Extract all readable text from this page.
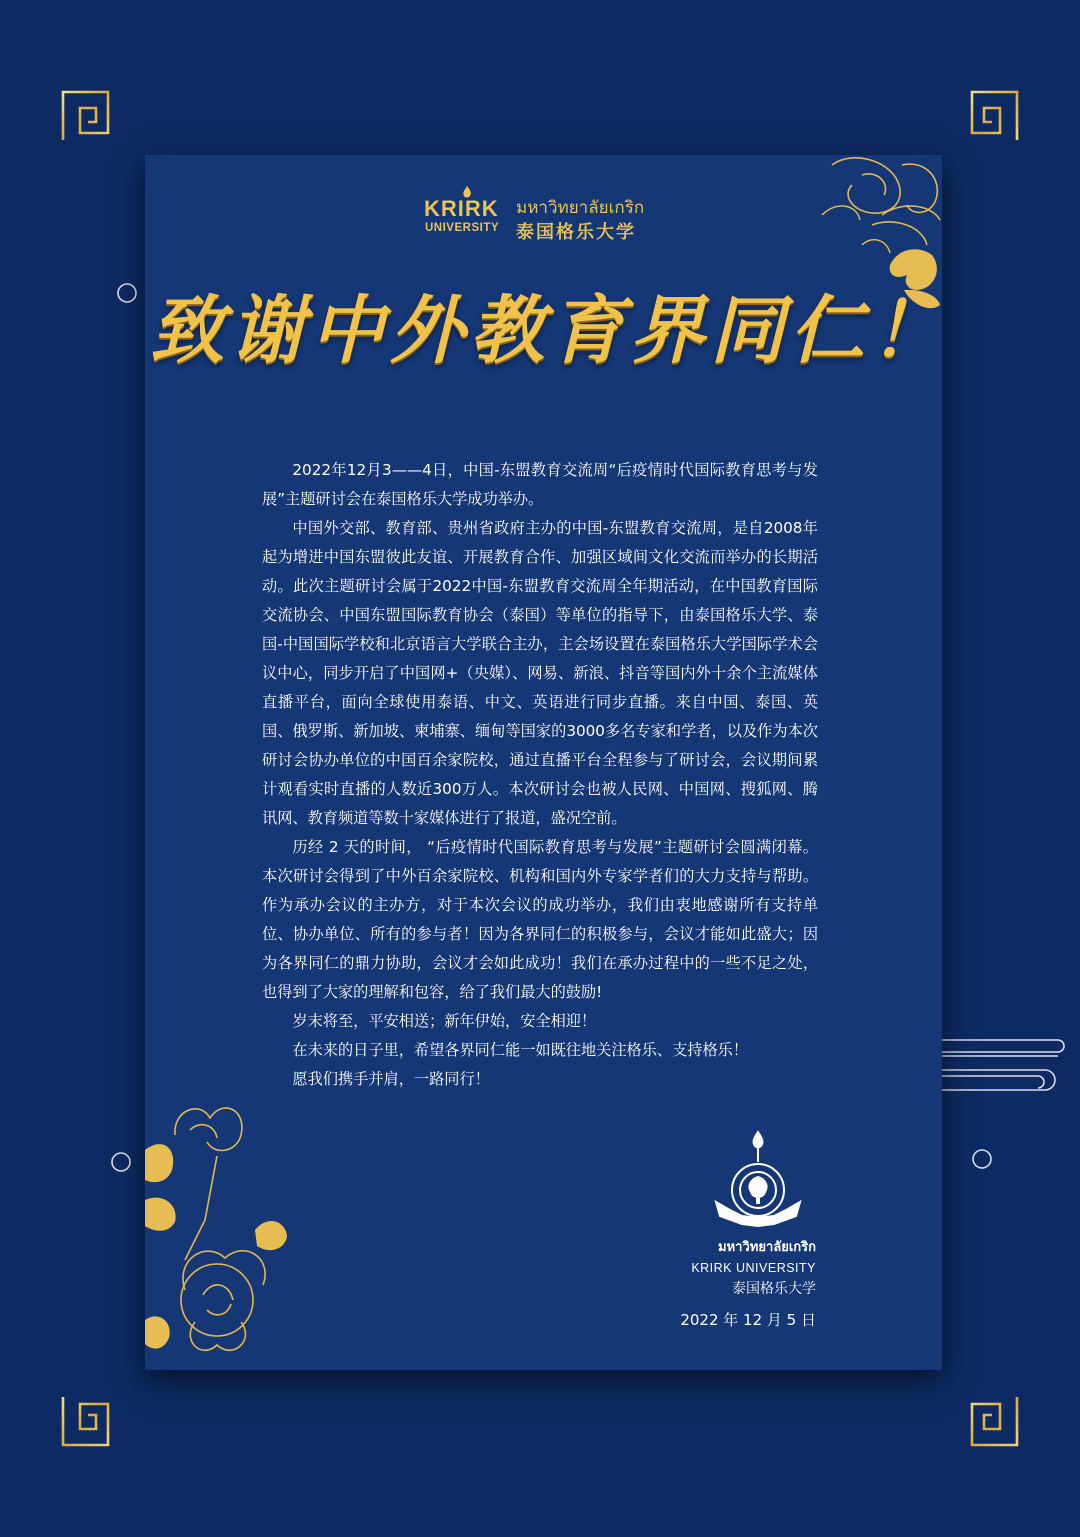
KRIRK
UNIVERSITY
มหาวิทยาลัยเกริก
泰国格乐大学
致谢中外教育界同仁！

2022年12月3——4日，中国-东盟教育交流周“后疫情时代国际教育思考与发展”主题研讨会在泰国格乐大学成功举办。

中国外交部、教育部、贵州省政府主办的中国-东盟教育交流周，是自2008年起为增进中国东盟彼此友谊、开展教育合作、加强区域间文化交流而举办的长期活动。此次主题研讨会属于2022中国-东盟教育交流周全年期活动，在中国教育国际交流协会、中国东盟国际教育协会（泰国）等单位的指导下，由泰国格乐大学、泰国-中国国际学校和北京语言大学联合主办，主会场设置在泰国格乐大学国际学术会议中心，同步开启了中国网+（央媒）、网易、新浪、抖音等国内外十余个主流媒体直播平台，面向全球使用泰语、中文、英语进行同步直播。来自中国、泰国、英国、俄罗斯、新加坡、柬埔寨、缅甸等国家的3000多名专家和学者，以及作为本次研讨会协办单位的中国百余家院校，通过直播平台全程参与了研讨会，会议期间累计观看实时直播的人数近300万人。本次研讨会也被人民网、中国网、搜狐网、腾讯网、教育频道等数十家媒体进行了报道，盛况空前。

历经 2 天的时间， “后疫情时代国际教育思考与发展”主题研讨会圆满闭幕。本次研讨会得到了中外百余家院校、机构和国内外专家学者们的大力支持与帮助。作为承办会议的主办方，对于本次会议的成功举办，我们由衷地感谢所有支持单位、协办单位、所有的参与者！因为各界同仁的积极参与，会议才能如此盛大；因为各界同仁的鼎力协助，会议才会如此成功！我们在承办过程中的一些不足之处，也得到了大家的理解和包容，给了我们最大的鼓励!

岁末将至，平安相送；新年伊始，安全相迎！

在未来的日子里，希望各界同仁能一如既往地关注格乐、支持格乐！

愿我们携手并肩，一路同行！

มหาวิทยาลัยเกริก
KRIRK UNIVERSITY
泰国格乐大学
2022 年 12 月 5 日
